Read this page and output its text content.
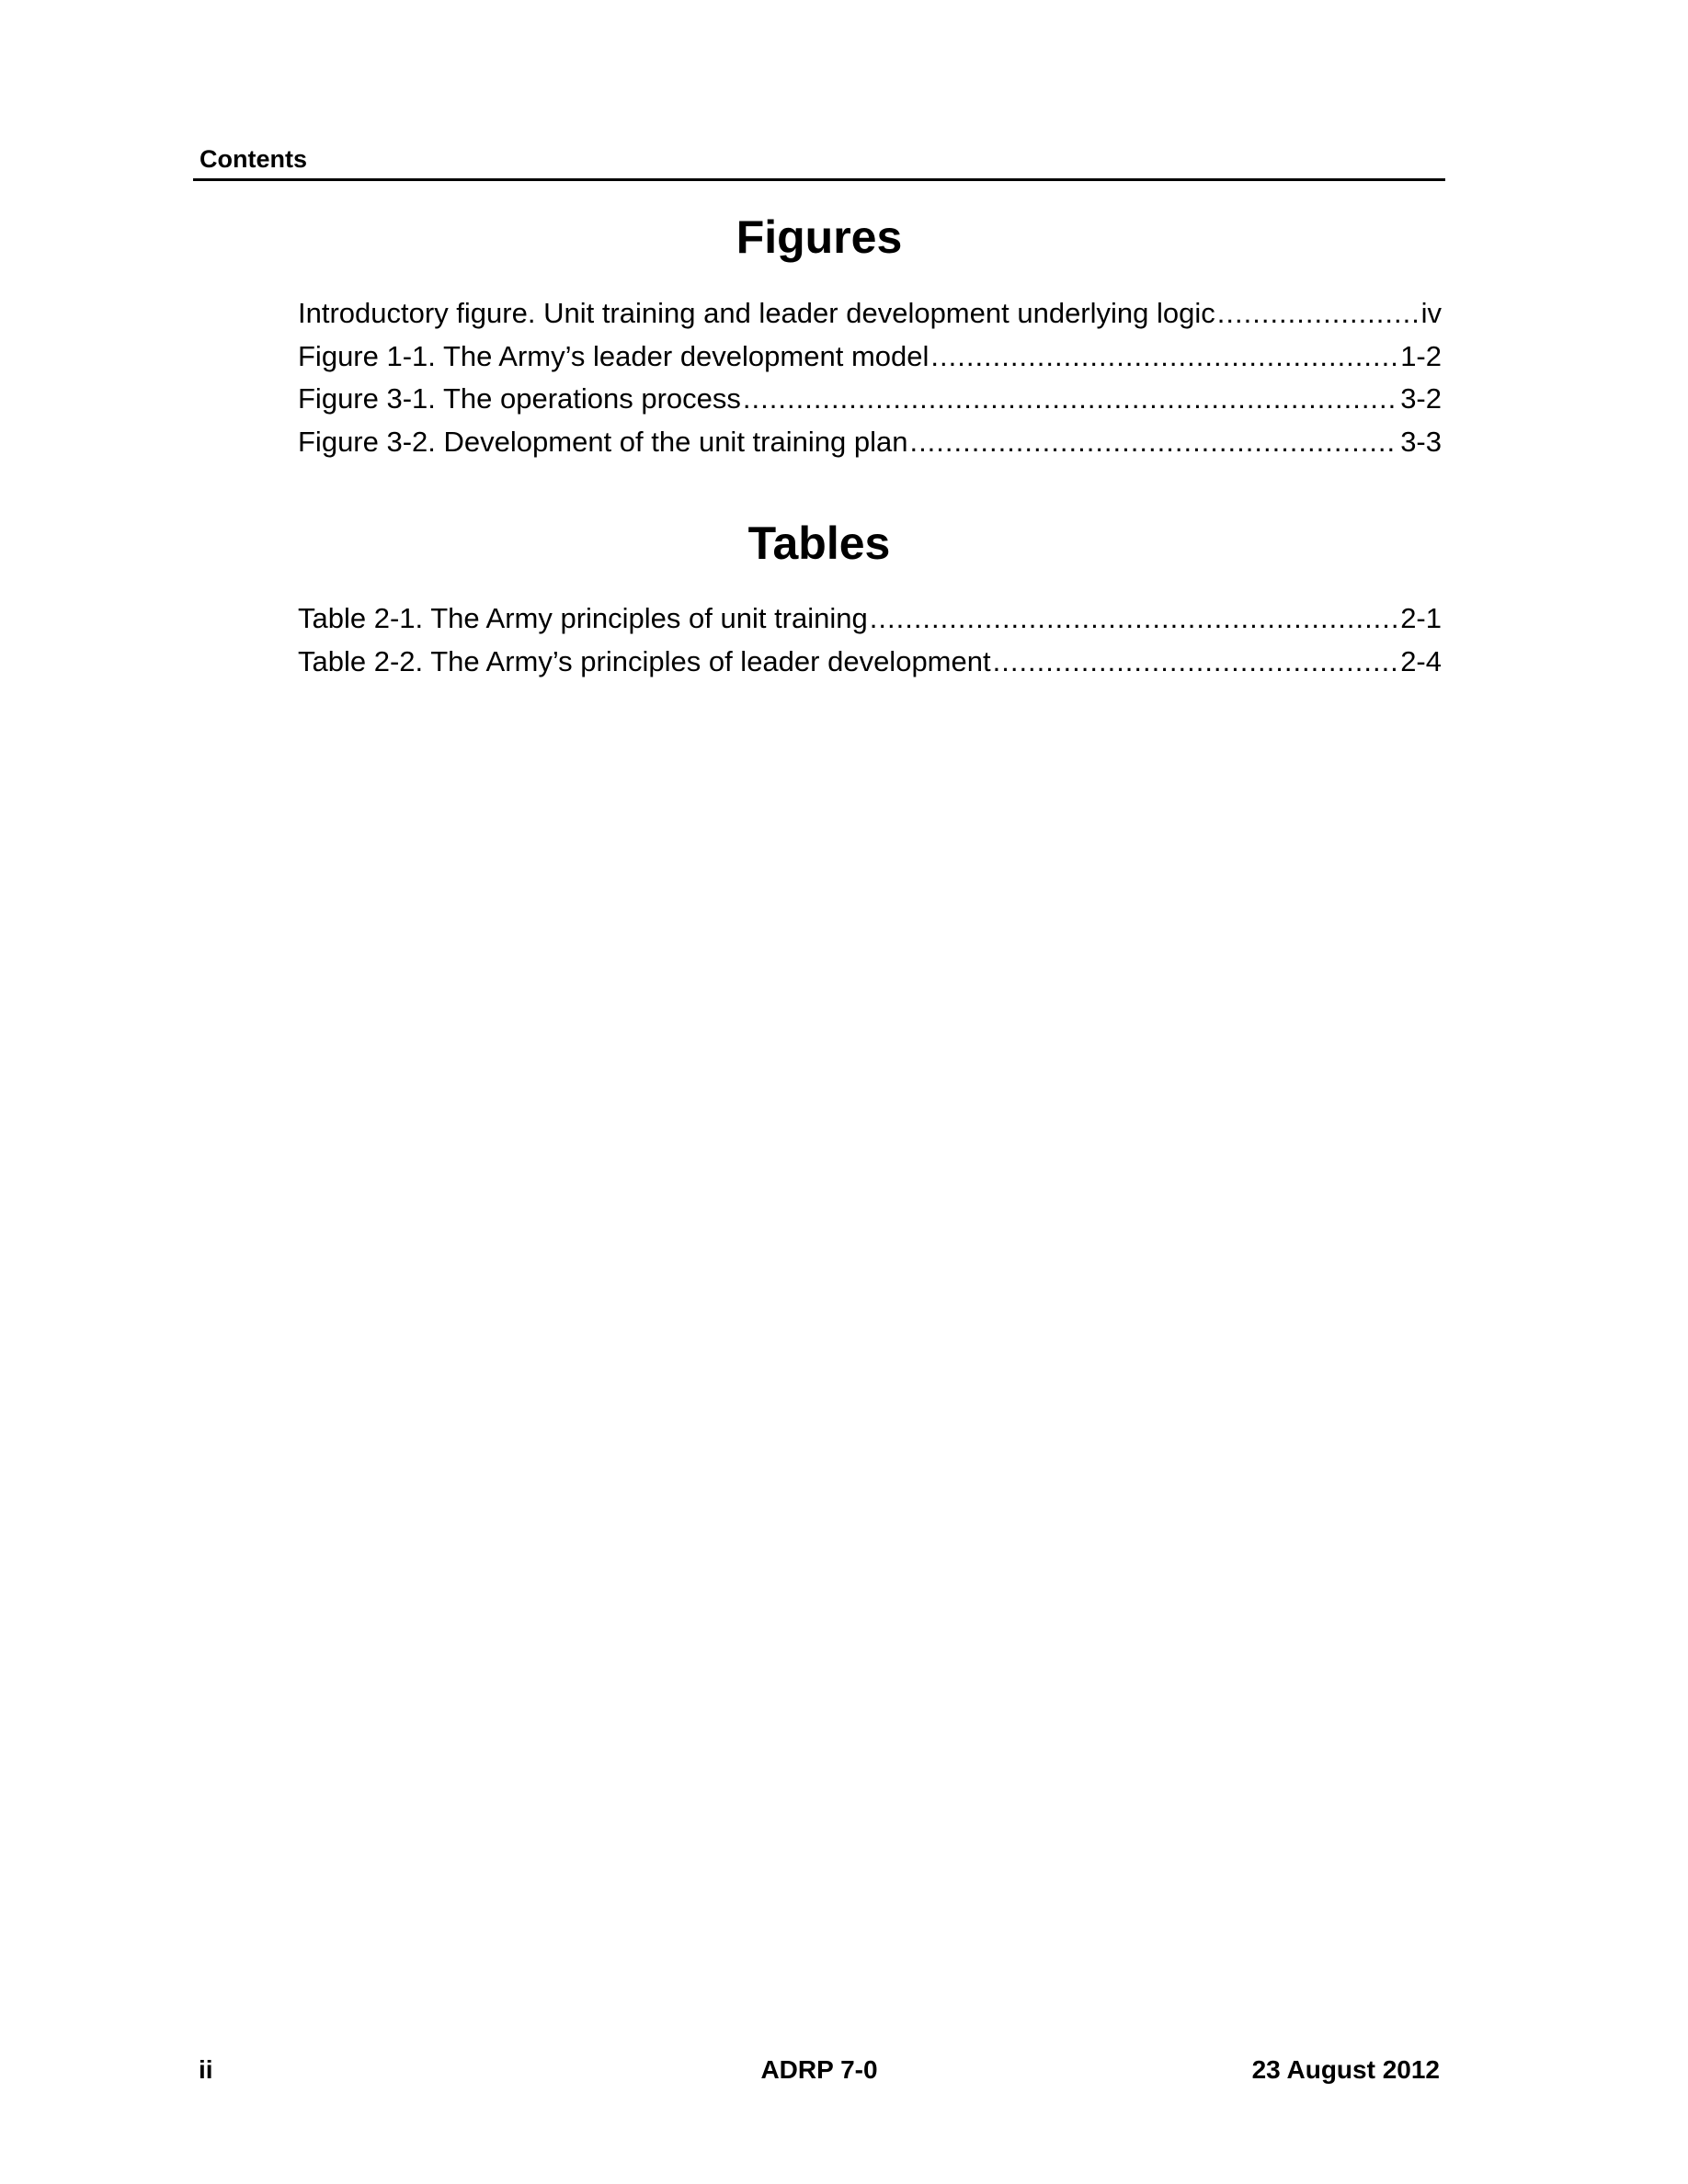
Contents
Figures
Introductory figure. Unit training and leader development underlying logic .....	iv
Figure 1-1. The Army’s leader development model .....	1-2
Figure 3-1. The operations process .....	3-2
Figure 3-2. Development of the unit training plan .....	3-3
Tables
Table 2-1. The Army principles of unit training .....	2-1
Table 2-2. The Army’s principles of leader development .....	2-4
ii	ADRP 7-0	23 August 2012
